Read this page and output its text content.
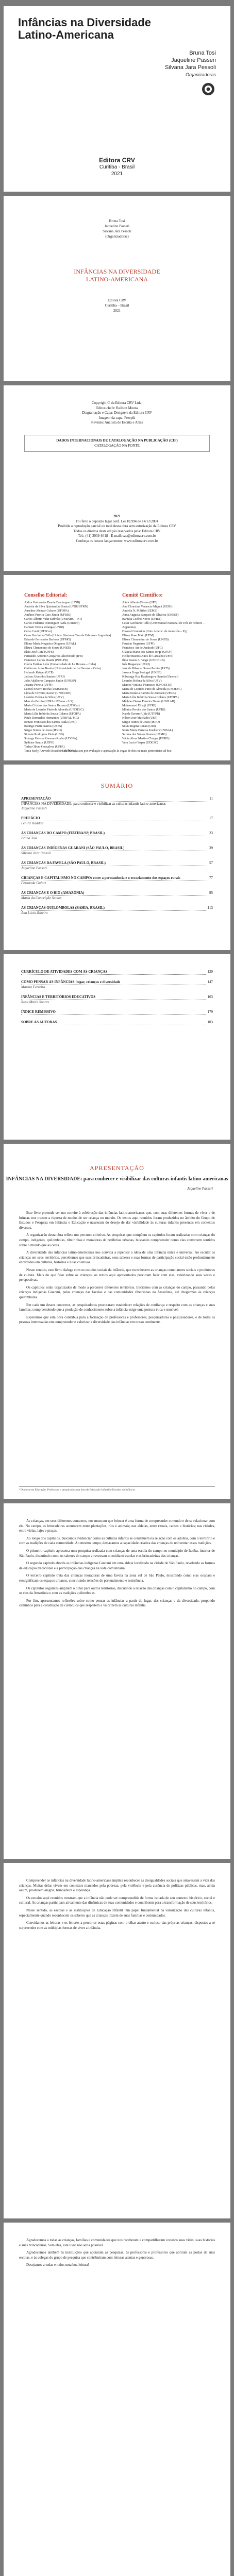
Infâncias na Diversidade
Latino-Americana
Bruna Tosi
Jaqueline Passeri
Silvana Jara Pessoli
Organizadoras
Editora CRV
Curitiba - Brasil
2021
Bruna Tosi
Jaqueline Passeri
Silvana Jara Pessoli
(Organizadoras)
INFÂNCIAS NA DIVERSIDADE
LATINO-AMERICANA
Editora CRV
Curitiba – Brasil
2021
Copyright © da Editora CRV Ltda.
Editor-chefe: Railson Moura
Diagramação e Capa: Designers da Editora CRV
Imagem da capa: Freepik
Revisão: Analista de Escrita e Artes
DADOS INTERNACIONAIS DE CATALOGAÇÃO NA PUBLICAÇÃO (CIP)
CATALOGAÇÃO NA FONTE
2021
Foi feito o depósito legal conf. Lei 10.994 de 14/12/2004
Proibida a reprodução parcial ou total desta obra sem autorização da Editora CRV
Todos os direitos desta edição reservados pela: Editora CRV
Tel.: (41) 3039-6418 - E-mail: sac@editoracrv.com.br
Conheça os nossos lançamentos: www.editoracrv.com.br
Conselho Editorial:
Aldira Guimarães Duarte Domínguez (UNB)
Andréia da Silva Quintanilha Sousa (UNIR/UFRN)
Anselmo Alencar Colares (UFOPA)
Antônio Pereira Gaio Júnior (UFRRJ)
Carlos Alberto Vilar Estêvão (UMINHO – PT)
Carlos Federico Dominguez Avila (Unieuro)
Carmen Tereza Velanga (UNIR)
Celso Conti (UFSCar)
Cesar Gerónimo Tello (Univer. Nacional Tres de Febrero – Argentina)
Eduardo Fernandes Barbosa (UFMG)
Elione Maria Nogueira Diogenes (UFAL)
Elizeu Clementino de Souza (UNEB)
Élsio José Corá (UFFS)
Fernando Antônio Gonçalves Alcoforado (IPB)
Francisco Carlos Duarte (PUC-PR)
Gloria Fariñas León (Universidade de La Havana – Cuba)
Guillermo Arias Beatón (Universidade de La Havana – Cuba)
Helmuth Krüger (UCP)
Jailson Alves dos Santos (UFRJ)
João Adalberto Campato Junior (UNESP)
Josania Portela (UFPI)
Leonel Severo Rocha (UNISINOS)
Lídia de Oliveira Xavier (UNIEURO)
Lourdes Helena da Silva (UFV)
Marcelo Paixão (UFRJ e UTexas – US)
Maria Cristina dos Santos Bezerra (UFSCar)
Maria de Lourdes Pinto de Almeida (UNOESC)
Maria Lília Imbiriba Sousa Colares (UFOPA)
Paulo Romualdo Hernandes (UNIFAL-MG)
Renato Francisco dos Santos Paula (UFG)
Rodrigo Pratte-Santos (UFES)
Sérgio Nunes de Jesus (IFRO)
Simone Rodrigues Pinto (UNB)
Solange Helena Ximenes-Rocha (UFOPA)
Sydione Santos (UEPG)
Tadeu Oliver Gonçalves (UFPA)
Tania Suely Azevedo Brasileiro (UFOPA)
Comitê Científico:
Altair Alberto Fávero (UPF)
Ana Chrystina Venancio Mignot (UERJ)
Andréia N. Militão (UEMS)
Anna Augusta Sampaio de Oliveira (UNESP)
Barbara Coelho Neves (UFBA)
Cesar Gerónimo Tello (Universidad Nacional de Três de Febrero – Argentina)
Diosnel Centurion (Univ Americ. de Asunción – Py)
Eliane Rose Maio (UEM)
Elizeu Clementino de Souza (UNEB)
Fauston Negreiros (UFPI)
Francisco Ari de Andrade (UFC)
Gláucia Maria dos Santos Jorge (UFOP)
Helder Buenos Aires de Carvalho (UFPI)
Ilma Passos A. Veiga (UNICEUB)
Inês Bragança (UERJ)
José de Ribamar Sousa Pereira (UCB)
Jussara Fraga Portugal (UNEB)
Kilwangy Kya Kapitango-a-Samba (Unemat)
Lourdes Helena da Silva (UFV)
Marcos Vinicius Francisco (UNOESTE)
Maria de Lourdes Pinto de Almeida (UNOESC)
Maria Eurácia Barreto de Andrade (UFRB)
Maria Lília Imbiriba Sousa Colares (UFOPA)
Míghian Danae Ferreira Nunes (UNILAB)
Mohammed Elhajji (UFRJ)
Mônica Pereira dos Santos (UFRJ)
Najela Tavares Ujiie (UTFPR)
Nilson José Machado (USP)
Sérgio Nunes de Jesus (IFRO)
Silvia Regina Canan (URI)
Sonia Maria Ferreira Koehler (UNISAL)
Suzana dos Santos Gomes (UFMG)
Vânia Alves Martins Chaigar (FURG)
Vera Lucia Gaspar (UDESC)
Este livro passou por avaliação e aprovação às cegas de dois ou mais pareceristas ad hoc.
SUMÁRIO
APRESENTAÇÃO	11
INFÂNCIAS NA DIVERSIDADE: para conhecer e visibilizar as culturas infantis latino-americanas
Jaqueline Passeri
PREFÁCIO	17
Lenira Haddad
AS CRIANÇAS DO CAMPO (ITATIBA/SP, BRASIL)	23
Bruna Tosi
AS CRIANÇAS INDÍGENAS GUARANI (SÃO PAULO, BRASIL)	39
Silvana Jara Pessoli
AS CRIANÇAS DA FAVELA (SÃO PAULO, BRASIL)	57
Jaqueline Passeri
CRIANÇAS E CAPITALISMO NO CAMPO: entre a permanência e o esvaziamento dos espaços rurais	77
Fernanda Gulart
AS CRIANÇAS E O RIO (AMAZÔNIA)	95
Maria da Conceição Santos
AS CRIANÇAS QUILOMBOLAS (BAHIA, BRASIL)	113
Ana Lúcia Ribeiro
CURRÍCULO DE ATIVIDADES COM AS CRIANÇAS	129
COMO PENSAR AS INFÂNCIAS: lugar, crianças e diversidade	147
Marina Ferreira
INFÂNCIAS E TERRITÓRIOS EDUCATIVOS	163
Rosa Maria Soares
ÍNDICE REMISSIVO	179
SOBRE AS AUTORAS	183
APRESENTAÇÃO
INFÂNCIAS NA DIVERSIDADE: para conhecer e visibilizar das culturas infantis latino-americanas
Jaqueline Passeri

Este livro pretende ser um convite à celebração das infâncias latino-americanas que, com suas diferentes formas de viver e de brincar, nos trazem a riqueza de modos de ser criança no mundo. Os textos aqui reunidos foram produzidos no âmbito do Grupo de Estudos e Pesquisa em Infância e Educação e nasceram do desejo de dar visibilidade às culturas infantis presentes em contextos diversos.

A organização desta obra reflete um percurso coletivo. As pesquisas que compõem os capítulos foram realizadas com crianças do campo, indígenas, quilombolas, ribeirinhas e moradoras de periferias urbanas, buscando compreender como elas constroem sentidos sobre o mundo que as cerca.

A diversidade das infâncias latino-americanas nos convida a repensar a ideia de uma infância única e universal. Ao escutar as crianças em seus territórios, percebemos que suas brincadeiras, seus saberes e suas formas de participação social estão profundamente enraizados em culturas, histórias e lutas coletivas.

Nesse sentido, este livro dialoga com os estudos sociais da infância, que reconhecem as crianças como atores sociais e produtoras de cultura. Mais do que falar sobre as crianças, os textos aqui apresentados procuram falar com elas, valorizando suas vozes e perspectivas.

Os capítulos estão organizados de modo a percorrer diferentes territórios. Iniciamos com as crianças do campo, passando pelas crianças indígenas Guarani, pelas crianças das favelas e das comunidades ribeirinhas da Amazônia, até chegarmos às crianças quilombolas.

Em cada um desses contextos, as pesquisadoras procuraram estabelecer relações de confiança e respeito com as crianças e suas famílias, compreendendo que a produção de conhecimento sobre a infância exige uma postura ética e sensível.

Esperamos que esta obra contribua para a formação de professoras e professores, pesquisadoras e pesquisadores, e de todas as pessoas interessadas em compreender e valorizar a diversidade das infâncias em nosso continente.

¹ Doutora em Educação. Professora e pesquisadora na área de Educação Infantil e Estudos da Infância.

As crianças, em seus diferentes contextos, nos mostram que brincar é uma forma de compreender o mundo e de se relacionar com ele. No campo, as brincadeiras acontecem entre plantações, rios e animais; nas aldeias, entre rituais, cantos e histórias; nas cidades, entre vielas, lajes e praças.

Ao longo dos capítulos, buscamos evidenciar como as culturas infantis se constituem na relação com os adultos, com o território e com as tradições de cada comunidade. Ao mesmo tempo, destacamos a capacidade criativa das crianças de reinventar essas tradições.

O primeiro capítulo apresenta uma pesquisa realizada com crianças de uma escola do campo no município de Itatiba, interior de São Paulo, discutindo como os saberes do campo atravessam o cotidiano escolar e as brincadeiras das crianças.

O segundo capítulo aborda as infâncias indígenas Guarani em uma aldeia localizada na cidade de São Paulo, revelando as formas de educação tradicional e a participação das crianças na vida comunitária.

O terceiro capítulo trata das crianças moradoras de uma favela na zona sul de São Paulo, mostrando como elas ocupam e ressignificam os espaços urbanos, construindo relações de pertencimento e resistência.

Os capítulos seguintes ampliam o olhar para outros territórios, discutindo a relação das crianças com o capitalismo no campo, com os rios da Amazônia e com as tradições quilombolas.

Por fim, apresentamos reflexões sobre como pensar as infâncias a partir do lugar, das crianças e da diversidade, propondo caminhos para a construção de currículos que respeitem e valorizem as culturas infantis.

Compreender as infâncias na diversidade latino-americana implica reconhecer as desigualdades sociais que atravessam a vida das crianças. Muitas delas vivem em contextos marcados pela pobreza, pela violência e pela ausência de políticas públicas, mas, ainda assim, produzem alegria, brincadeira e esperança.

Os estudos aqui reunidos mostram que a infância não pode ser compreendida de forma isolada de seu contexto histórico, social e cultural. As crianças participam ativamente das dinâmicas de suas comunidades e contribuem para a transformação de seus territórios.

Nesse sentido, as escolas e as instituições de Educação Infantil têm papel fundamental na valorização das culturas infantis, especialmente quando reconhecem os saberes que as crianças trazem de suas famílias e comunidades.

Convidamos as leitoras e os leitores a percorrer estas páginas com o olhar atento e curioso das próprias crianças, dispostos a se surpreender com as múltiplas formas de viver a infância.

Agradecemos a todas as crianças, famílias e comunidades que nos receberam e compartilharam conosco suas vidas, suas histórias e suas brincadeiras. Sem elas, este livro não seria possível.

Agradecemos também às instituições que apoiaram as pesquisas, às professoras e professores que abriram as portas de suas escolas, e às colegas do grupo de pesquisa que contribuíram com leituras atentas e generosas.

Desejamos a todas e todos uma boa leitura!
